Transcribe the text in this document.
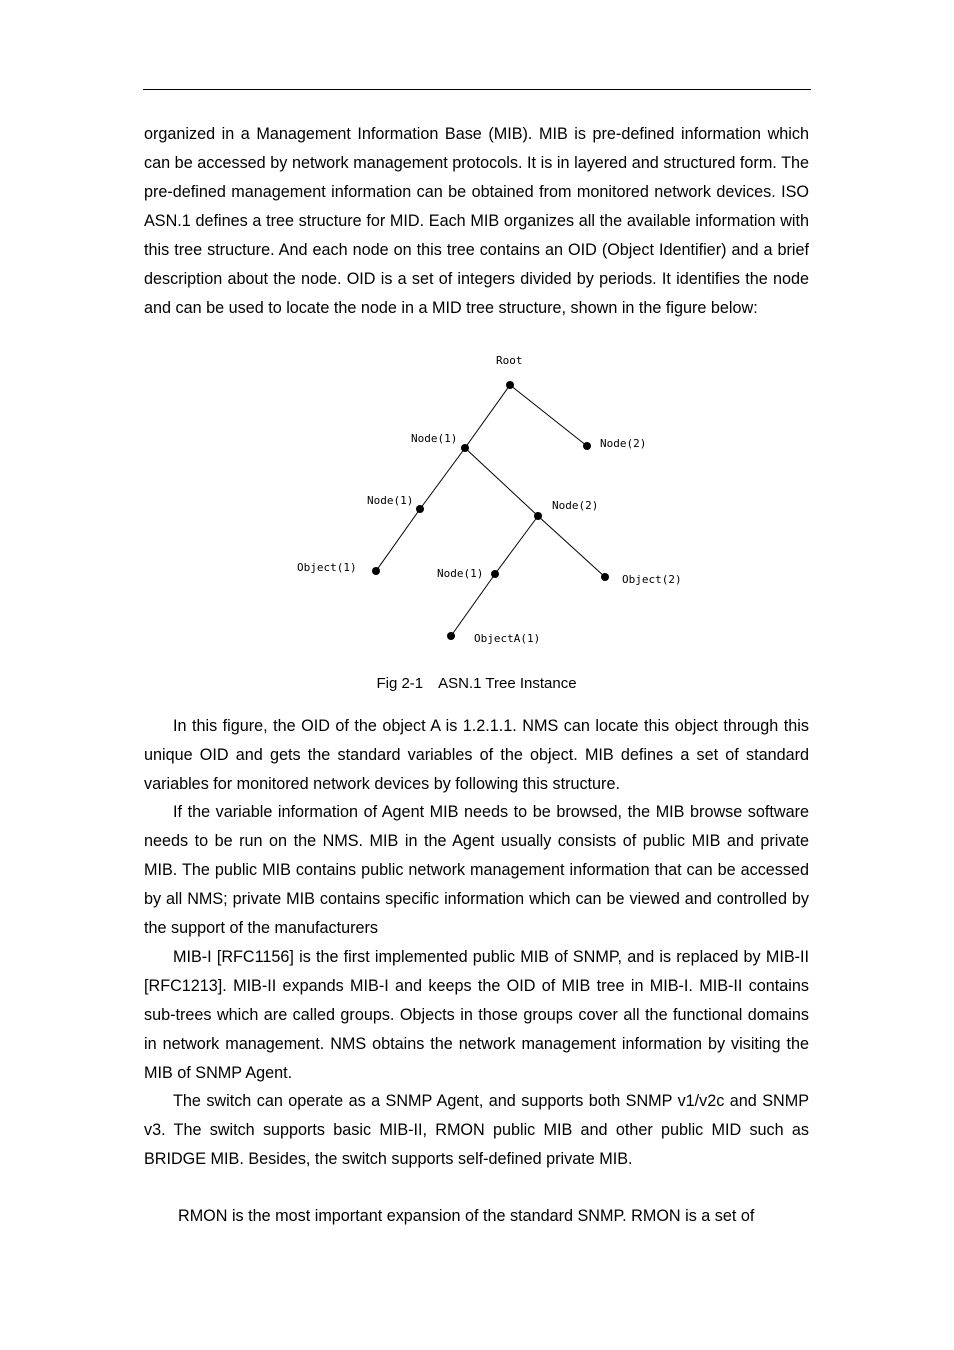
organized in a Management Information Base (MIB). MIB is pre-defined information which can be accessed by network management protocols. It is in layered and structured form. The pre-defined management information can be obtained from monitored network devices. ISO ASN.1 defines a tree structure for MID. Each MIB organizes all the available information with this tree structure. And each node on this tree contains an OID (Object Identifier) and a brief description about the node. OID is a set of integers divided by periods. It identifies the node and can be used to locate the node in a MID tree structure, shown in the figure below:

Root
Node(1)	Node(2)
Node(1)	Node(2)
Object(1)	Node(1)	Object(2)
ObjectA(1)
Fig 2-1　ASN.1 Tree Instance

In this figure, the OID of the object A is 1.2.1.1. NMS can locate this object through this unique OID and gets the standard variables of the object. MIB defines a set of standard variables for monitored network devices by following this structure.

If the variable information of Agent MIB needs to be browsed, the MIB browse software needs to be run on the NMS. MIB in the Agent usually consists of public MIB and private MIB. The public MIB contains public network management information that can be accessed by all NMS; private MIB contains specific information which can be viewed and controlled by the support of the manufacturers

MIB-I [RFC1156] is the first implemented public MIB of SNMP, and is replaced by MIB-II [RFC1213]. MIB-II expands MIB-I and keeps the OID of MIB tree in MIB-I. MIB-II contains sub-trees which are called groups. Objects in those groups cover all the functional domains in network management. NMS obtains the network management information by visiting the MIB of SNMP Agent.

The switch can operate as a SNMP Agent, and supports both SNMP v1/v2c and SNMP v3. The switch supports basic MIB-II, RMON public MIB and other public MID such as BRIDGE MIB. Besides, the switch supports self-defined private MIB.

RMON is the most important expansion of the standard SNMP. RMON is a set of
